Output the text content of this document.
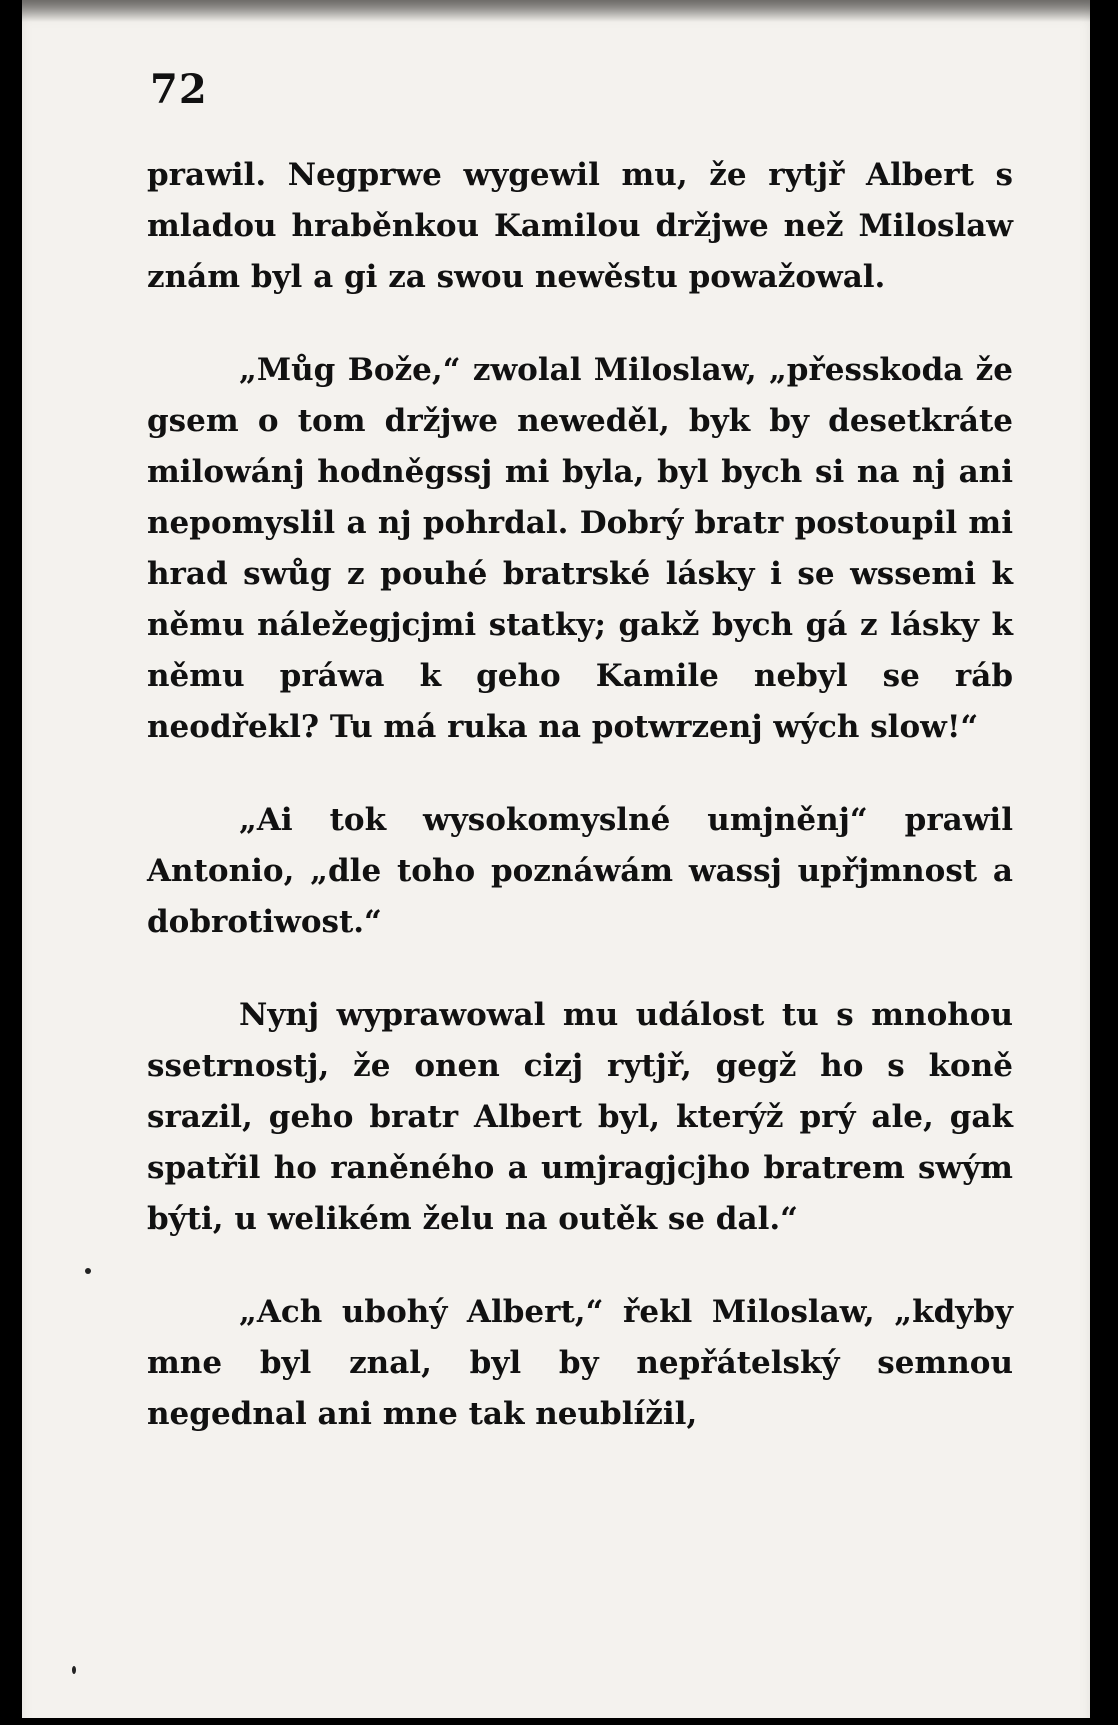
72

prawil. Negprwe wygewil mu, že rytjř Albert s mladou hraběnkou Kamilou držjwe než Miloslaw znám byl a gi za swou newěstu powažowal.

„Můg Bože,“ zwolal Miloslaw, „přesskoda že gsem o tom držjwe neweděl, byk by desetkráte milowánj hodněgssj mi byla, byl bych si na nj ani nepomyslil a nj pohrdal. Dobrý bratr postoupil mi hrad swůg z pouhé bratrské lásky i se wssemi k němu náležegjcjmi statky; gakž bych gá z lásky k němu práwa k geho Kamile nebyl se ráb neodřekl? Tu má ruka na potwrzenj wých slow!“

„Ai tok wysokomyslné umjněnj“ prawil Antonio, „dle toho poznáwám wassj upřjmnost a dobrotiwost.“

Nynj wyprawowal mu událost tu s mnohou ssetrnostj, že onen cizj rytjř, gegž ho s koně srazil, geho bratr Albert byl, kterýž prý ale, gak spatřil ho raněného a umjragjcjho bratrem swým býti, u welikém želu na outěk se dal.“

„Ach ubohý Albert,“ řekl Miloslaw, „kdyby mne byl znal, byl by nepřátelský semnou negednal ani mne tak neublížil,
